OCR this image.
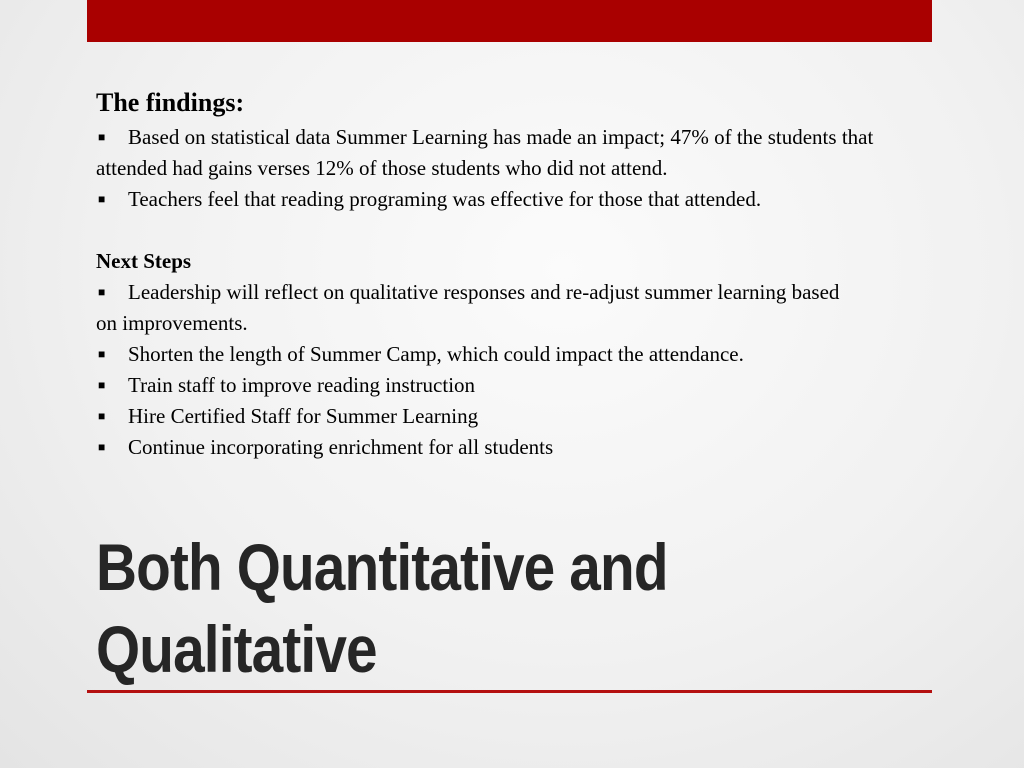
The findings:
■ Based on statistical data Summer Learning has made an impact; 47% of the students that
attended had gains verses 12% of those students who did not attend.
■ Teachers feel that reading programing was effective for those that attended.
Next Steps
■ Leadership will reflect on qualitative responses and re-adjust summer learning based
on improvements.
■ Shorten the length of Summer Camp, which could impact the attendance.
■ Train staff to improve reading instruction
■ Hire Certified Staff for Summer Learning
■ Continue incorporating enrichment for all students
Both Quantitative and Qualitative
